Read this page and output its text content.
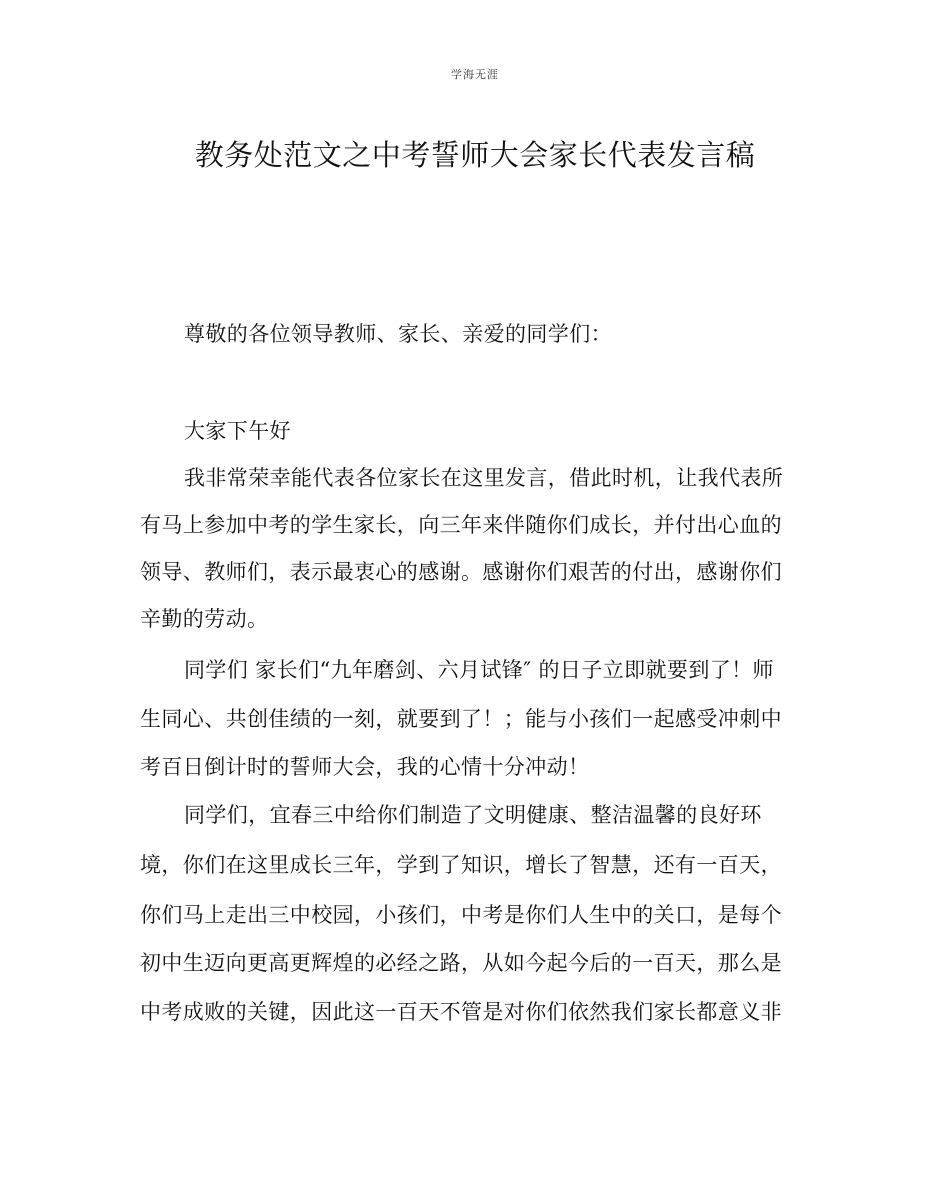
学海无涯
教务处范文之中考誓师大会家长代表发言稿
尊敬的各位领导教师、家长、亲爱的同学们：
大家下午好
我非常荣幸能代表各位家长在这里发言，借此时机，让我代表所
有马上参加中考的学生家长，向三年来伴随你们成长，并付出心血的
领导、教师们，表示最衷心的感谢。感谢你们艰苦的付出，感谢你们
辛勤的劳动。
同学们 家长们“九年磨剑、六月试锋″ 的日子立即就要到了！师
生同心、共创佳绩的一刻，就要到了！；能与小孩们一起感受冲刺中
考百日倒计时的誓师大会，我的心情十分冲动！
同学们，宜春三中给你们制造了文明健康、整洁温馨的良好环
境，你们在这里成长三年，学到了知识，增长了智慧，还有一百天，
你们马上走出三中校园，小孩们，中考是你们人生中的关口，是每个
初中生迈向更高更辉煌的必经之路，从如今起今后的一百天，那么是
中考成败的关键，因此这一百天不管是对你们依然我们家长都意义非
